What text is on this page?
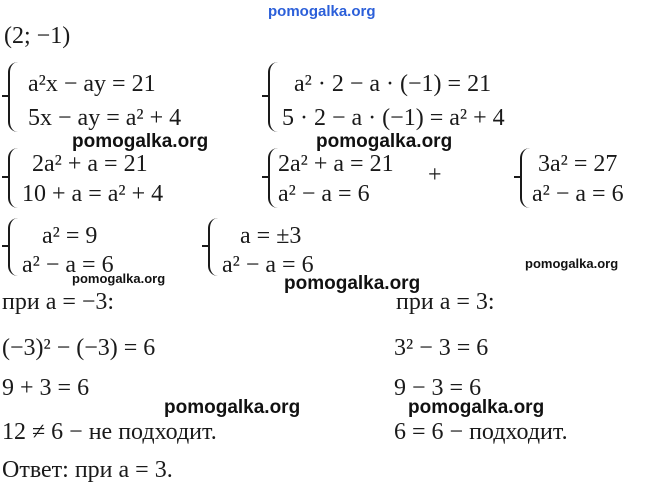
pomogalka.org
pomogalka.org	pomogalka.org
pomogalka.org
pomogalka.org	pomogalka.org
pomogalka.org	pomogalka.org
(2; −1)
a²x − ay = 21
5x − ay = a² + 4
a² · 2 − a · (−1) = 21
5 · 2 − a · (−1) = a² + 4
2a² + a = 21
10 + a = a² + 4
2a² + a = 21
a² − a = 6
+	3a² = 27
a² − a = 6
a² = 9
a² − a = 6
a = ±3
a² − a = 6
при a = −3:
(−3)² − (−3) = 6
9 + 3 = 6
12 ≠ 6 − не подходит.
при a = 3:
3² − 3 = 6
9 − 3 = 6
6 = 6 − подходит.
Ответ: при a = 3.
